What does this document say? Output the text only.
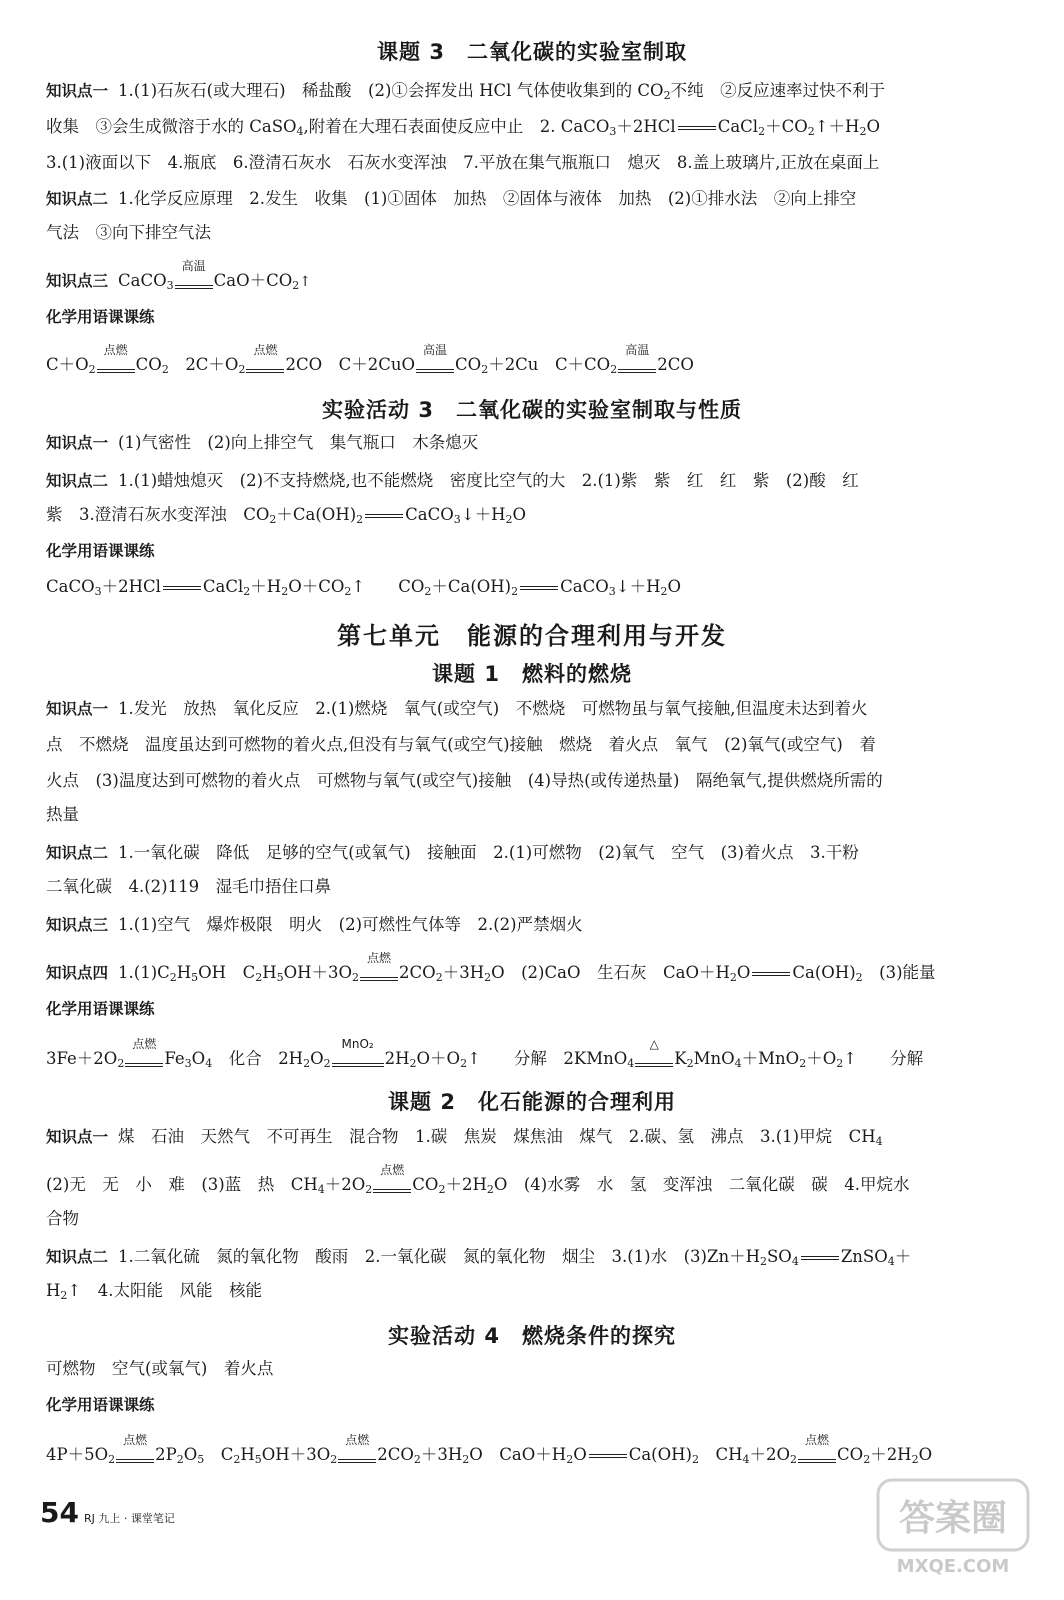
课题 3　二氧化碳的实验室制取
知识点一 1.(1)石灰石(或大理石)　稀盐酸　(2)①会挥发出 HCl 气体使收集到的 $CO_2$不纯　②反应速率过快不利于
收集　③会生成微溶于水的 CaSO$_4$,附着在大理石表面使反应中止　2. CaCO$_3$＋2HCl	$CaCl_2+CO_2↑+H_2O$
3.(1)液面以下　4.瓶底　6.澄清石灰水　石灰水变浑浊　7.平放在集气瓶瓶口　熄灭　8.盖上玻璃片,正放在桌面上
知识点二 1.化学反应原理　2.发生　收集　(1)①固体　加热　②固体与液体　加热　(2)①排水法　②向上排空
气法　③向下排空气法
知识点三 CaCO$_3$
高温
$CaO+CO_2↑$
化学用语课课练
$C+O_2$
点燃
$CO_2$　 $2C+O_2$
点燃
2CO　 C＋2CuO
高温
$CO_2+2Cu$　 $C+CO_2$
高温
2CO
实验活动 3　二氧化碳的实验室制取与性质
知识点一 (1)气密性　(2)向上排空气　集气瓶口　木条熄灭
知识点二 1.(1)蜡烛熄灭　(2)不支持燃烧,也不能燃烧　密度比空气的大　2.(1)紫　紫　红　红　紫　(2)酸　红
紫　3.澄清石灰水变浑浊　$CO_2+Ca(OH)_2$	$CaCO_3↓+H_2O$
化学用语课课练
CaCO$_3$＋2HCl	$CaCl_2+H_2O+CO_2↑$　　$CO_2+Ca(OH)_2$	$CaCO_3↓+H_2O$
第七单元　能源的合理利用与开发
课题 1　燃料的燃烧
知识点一 1.发光　放热　氧化反应　2.(1)燃烧　氧气(或空气)　不燃烧　可燃物虽与氧气接触,但温度未达到着火
点　不燃烧　温度虽达到可燃物的着火点,但没有与氧气(或空气)接触　燃烧　着火点　氧气　(2)氧气(或空气)　着
火点　(3)温度达到可燃物的着火点　可燃物与氧气(或空气)接触　(4)导热(或传递热量)　隔绝氧气,提供燃烧所需的
热量
知识点二 1.一氧化碳　降低　足够的空气(或氧气)　接触面　2.(1)可燃物　(2)氧气　空气　(3)着火点　3.干粉
二氧化碳　4.(2)119　湿毛巾捂住口鼻
知识点三 1.(1)空气　爆炸极限　明火　(2)可燃性气体等　2.(2)严禁烟火
知识点四 $1.(1)C_2H_5OH$　$C_2H_5OH+3O_2$
点燃
$2CO_2+3H_2O$　(2)CaO　生石灰　$CaO+H_2O$	$Ca(OH)_2$　(3)能量
化学用语课课练
$3Fe+2O_2$
点燃
$Fe_3O_4$　化合　$2H_2O_2$
MnO₂
$2H_2O+O_2↑$　　分解　2KMnO$_4$
△
$K_2MnO_4+MnO_2+O_2↑$　　分解
课题 2　化石能源的合理利用
知识点一 煤　石油　天然气　不可再生　混合物　1.碳　焦炭　煤焦油　煤气　2.碳、氢　沸点　3.(1)甲烷　$CH_4$
(2)无　无　小　难　(3)蓝　热　$CH_4+2O_2$
点燃
$CO_2+2H_2O$　(4)水雾　水　氢　变浑浊　二氧化碳　碳　4.甲烷水
合物
知识点二 1.二氧化硫　氮的氧化物　酸雨　2.一氧化碳　氮的氧化物　烟尘　3.(1)水　$(3)Zn+H_2SO_4$	ZnSO$_4$＋
$H_2↑$　4.太阳能　风能　核能
实验活动 4　燃烧条件的探究
可燃物　空气(或氧气)　着火点
化学用语课课练
$4P+5O_2$
点燃
$2P_2O_5$　$C_2H_5OH+3O_2$
点燃
$2CO_2+3H_2O$　$CaO+H_2O$	$Ca(OH)_2$　$CH_4+2O_2$
点燃
$CO_2+2H_2O$
54 RJ 九上 · 课堂笔记	答案圈
MXQE.COM
